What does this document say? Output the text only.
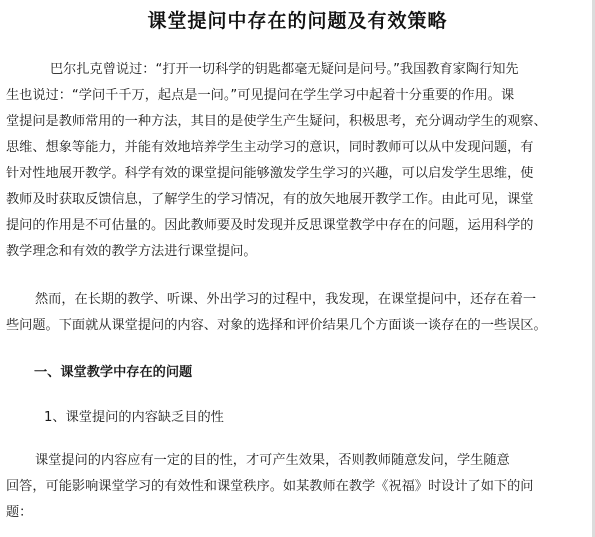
课堂提问中存在的问题及有效策略
巴尔扎克曾说过：“打开一切科学的钥匙都毫无疑问是问号。”我国教育家陶行知先
生也说过：“学问千千万，起点是一问。”可见提问在学生学习中起着十分重要的作用。课
堂提问是教师常用的一种方法，其目的是使学生产生疑问，积极思考，充分调动学生的观察、
思维、想象等能力，并能有效地培养学生主动学习的意识，同时教师可以从中发现问题，有
针对性地展开教学。科学有效的课堂提问能够激发学生学习的兴趣，可以启发学生思维，使
教师及时获取反馈信息，了解学生的学习情况，有的放矢地展开教学工作。由此可见，课堂
提问的作用是不可估量的。因此教师要及时发现并反思课堂教学中存在的问题，运用科学的
教学理念和有效的教学方法进行课堂提问。
然而，在长期的教学、听课、外出学习的过程中，我发现，在课堂提问中，还存在着一
些问题。下面就从课堂提问的内容、对象的选择和评价结果几个方面谈一谈存在的一些误区。
一、课堂教学中存在的问题
1、课堂提问的内容缺乏目的性
课堂提问的内容应有一定的目的性，才可产生效果，否则教师随意发问，学生随意
回答，可能影响课堂学习的有效性和课堂秩序。如某教师在教学《祝福》时设计了如下的问
题：
